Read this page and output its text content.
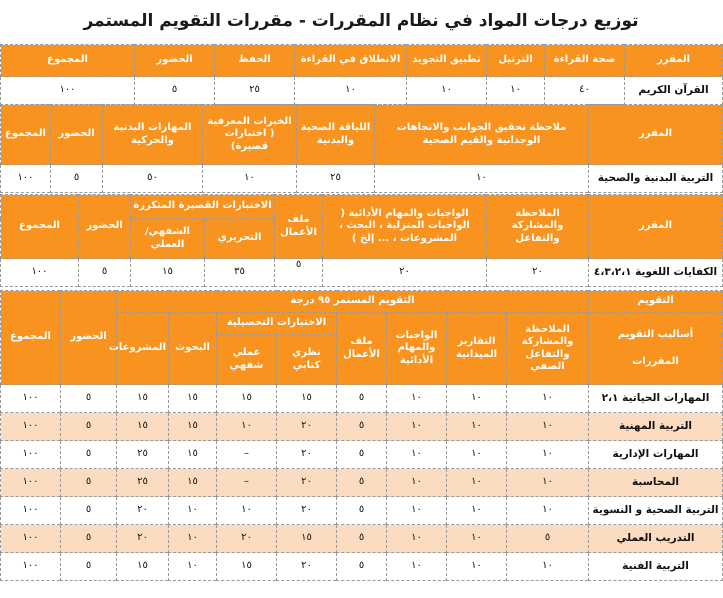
توزيع درجات المواد في نظام المقررات - مقررات التقويم المستمر
المقرر	صحة القراءة	الترتيل	تطبيق التجويد	الانطلاق في القراءة	الحفظ	الحضور	المجموع
القرآن الكريم	٤٠	١٠	١٠	١٠	٢٥	٥	١٠٠
المقرر	ملاحظة تحقيق الجوانب والاتجاهات الوجدانية والقيم الصحية	اللياقة الصحية والبدنية	الخبرات المعرفية ( اختبارات قصيرة)	المهارات البدنية والحركية	الحضور	المجموع
التربية البدنية والصحية	١٠	٢٥	١٠	٥٠	٥	١٠٠
المقرر	الملاحظة والمشاركة والتفاعل	الواجبات والمهام الأدائية ( الواجبات المنزلية ، البحث ، المشروعات ، ... إلخ )	ملف الأعمال	الاختبارات القصيرة المتكررة		الحضور	المجموع
				التحريري	الشفهي/ العملي		
الكفايات اللغوية ٤،٣،٢،١	٢٠	٢٠	٥	٣٥	١٥	٥	١٠٠
التقويم	التقويم المستمر ٩٥ درجة								الحضور	المجموع

أساليب التقويم
المقررات	الملاحظة والمشاركة والتفاعل الصفي	التقارير الميدانية	الواجبات والمهام الأدائية	ملف الأعمال	الاختبارات التحصيلية		البحوث	المشروعات		
					نظري كتابي	عملي شفهي				
المهارات الحياتية ٢،١	١٠	١٠	١٠	٥	١٥	١٥	١٥	١٥	٥	١٠٠
التربية المهنية	١٠	١٠	١٠	٥	٢٠	١٠	١٥	١٥	٥	١٠٠
المهارات الإدارية	١٠	١٠	١٠	٥	٢٠	–	١٥	٢٥	٥	١٠٠
المحاسبة	١٠	١٠	١٠	٥	٢٠	–	١٥	٢٥	٥	١٠٠
التربية الصحية و النسوية	١٠	١٠	١٠	٥	٢٠	١٠	١٠	٢٠	٥	١٠٠
التدريب العملي	٥	١٠	١٠	٥	١٥	٢٠	١٠	٢٠	٥	١٠٠
التربية الفنية	١٠	١٠	١٠	٥	٢٠	١٥	١٠	١٥	٥	١٠٠
